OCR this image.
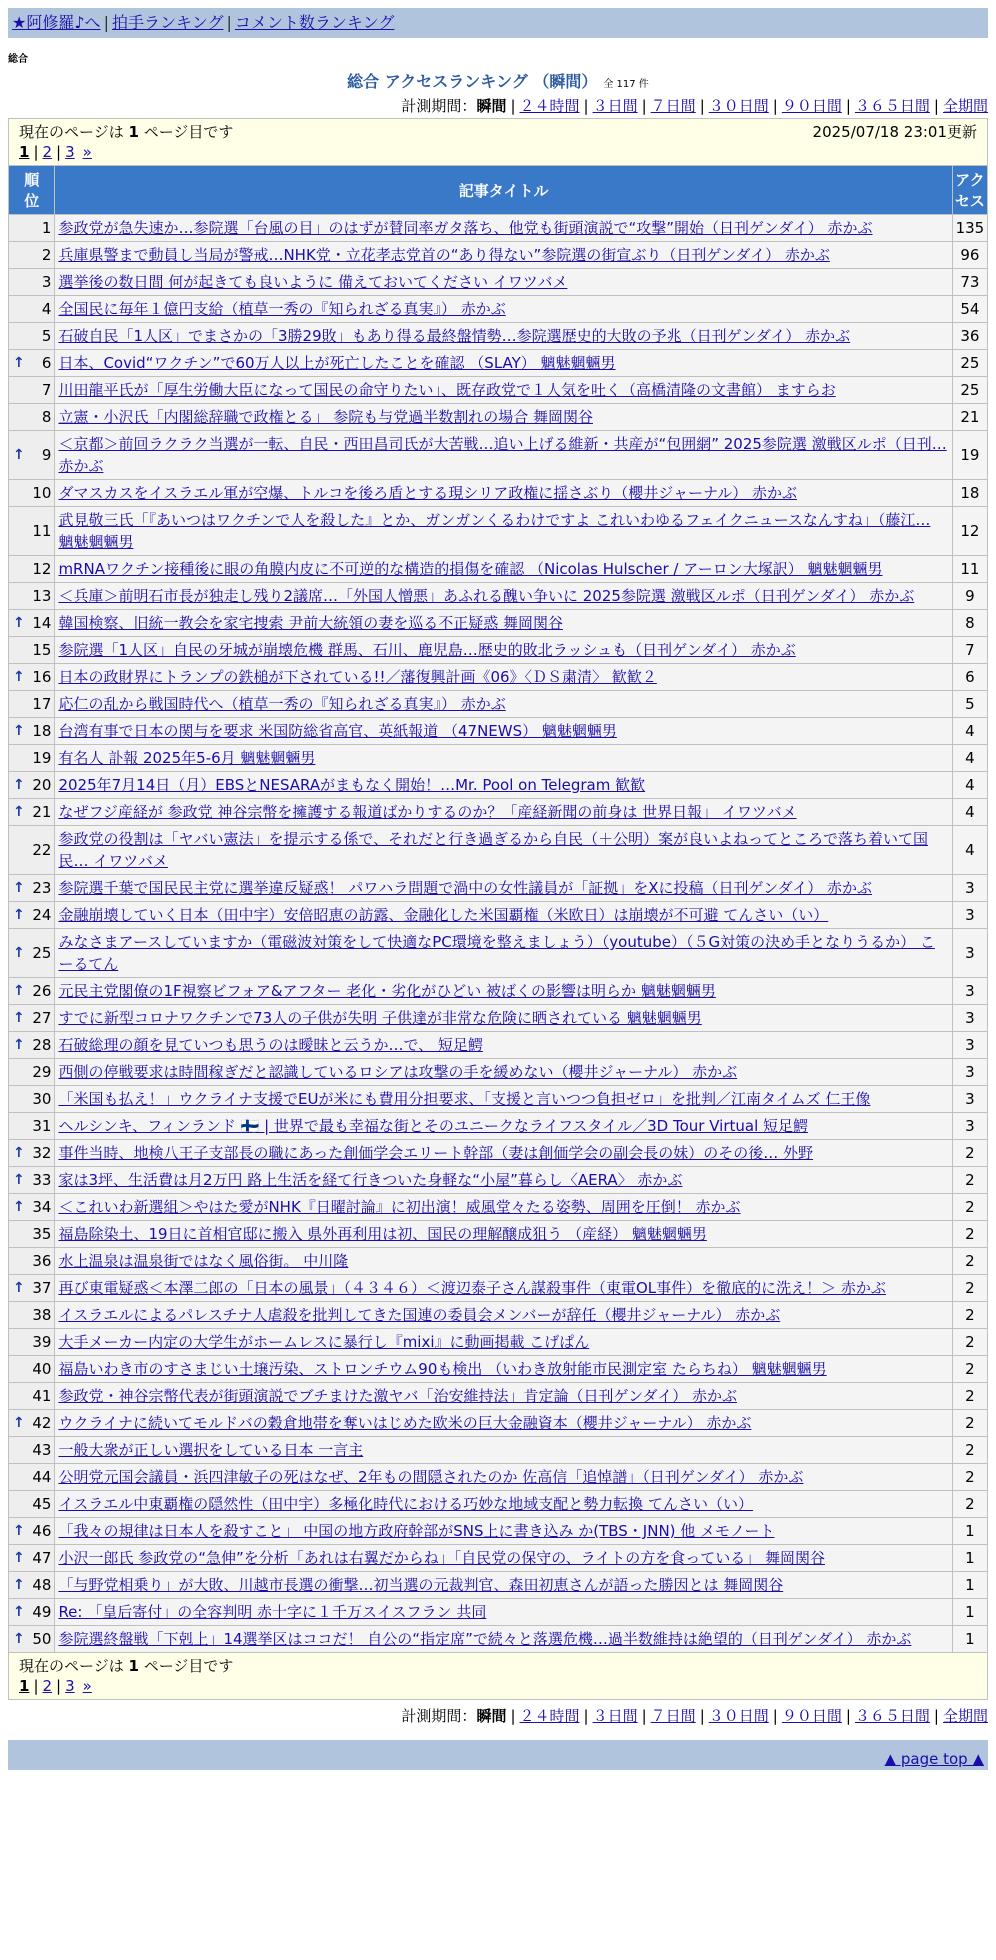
★阿修羅♪へ | 拍手ランキング | コメント数ランキング
総合
総合 アクセスランキング （瞬間） 全 117 件
計測期間：瞬間 | ２４時間 | ３日間 | ７日間 | ３０日間 | ９０日間 | ３６５日間 | 全期間
2025/07/18 23:01更新
現在のページは 1 ページ目です
1 | 2 | 3 »		

順位	記事タイトル	アクセス
1	参政党が急失速か…参院選「台風の目」のはずが賛同率ガタ落ち、他党も街頭演説で“攻撃”開始（日刊ゲンダイ） 赤かぶ	135
2	兵庫県警まで動員し当局が警戒…NHK党・立花孝志党首の“あり得ない”参院選の街宣ぶり（日刊ゲンダイ） 赤かぶ	96
3	選挙後の数日間 何が起きても良いように 備えておいてください イワツバメ	73
4	全国民に毎年１億円支給（植草一秀の『知られざる真実』） 赤かぶ	54
5	石破自民「1人区」でまさかの「3勝29敗」もあり得る最終盤情勢…参院選歴史的大敗の予兆（日刊ゲンダイ） 赤かぶ	36

↑ 6	日本、Covid“ワクチン”で60万人以上が死亡したことを確認 （SLAY） 魑魅魍魎男	25
7	川田龍平氏が「厚生労働大臣になって国民の命守りたい」、既存政党で１人気を吐く（高橋清隆の文書館） ますらお	25
8	立憲・小沢氏「内閣総辞職で政権とる」 参院も与党過半数割れの場合 舞岡関谷	21

↑ 9	＜京都＞前回ラクラク当選が一転、自民・西田昌司氏が大苦戦…追い上げる維新・共産が“包囲網” 2025参院選 激戦区ルポ（日刊… 赤かぶ	19
10	ダマスカスをイスラエル軍が空爆、トルコを後ろ盾とする現シリア政権に揺さぶり（櫻井ジャーナル） 赤かぶ	18
11	武見敬三氏「『あいつはワクチンで人を殺した』とか、ガンガンくるわけですよ これいわゆるフェイクニュースなんすね」（藤江… 魑魅魍魎男	12
12	mRNAワクチン接種後に眼の角膜内皮に不可逆的な構造的損傷を確認 （Nicolas Hulscher / アーロン大塚訳） 魑魅魍魎男	11
13	＜兵庫＞前明石市長が独走し残り2議席…「外国人憎悪」あふれる醜い争いに 2025参院選 激戦区ルポ（日刊ゲンダイ） 赤かぶ	9

↑ 14	韓国検察、旧統一教会を家宅捜索 尹前大統領の妻を巡る不正疑惑 舞岡関谷	8
15	参院選「1人区」自民の牙城が崩壊危機 群馬、石川、鹿児島…歴史的敗北ラッシュも（日刊ゲンダイ） 赤かぶ	7

↑ 16	日本の政財界にトランプの鉄槌が下されている!!／藩復興計画《06》〈ＤＳ粛清〉 歓歓２	6
17	応仁の乱から戦国時代へ（植草一秀の『知られざる真実』） 赤かぶ	5

↑ 18	台湾有事で日本の関与を要求 米国防総省高官、英紙報道 （47NEWS） 魑魅魍魎男	4
19	有名人 訃報 2025年5-6月 魑魅魍魎男	4

↑ 20	2025年7月14日（月）EBSとNESARAがまもなく開始！…Mr. Pool on Telegram 歓歓	4

↑ 21	なぜフジ産経が 参政党 神谷宗幣を擁護する報道ばかりするのか？「産経新聞の前身は 世界日報」 イワツバメ	4
22	参政党の役割は「ヤバい憲法」を提示する係で、それだと行き過ぎるから自民（＋公明）案が良いよねってところで落ち着いて国民… イワツバメ	4

↑ 23	参院選千葉で国民民主党に選挙違反疑惑！ パワハラ問題で渦中の女性議員が「証拠」をXに投稿（日刊ゲンダイ） 赤かぶ	3

↑ 24	金融崩壊していく日本（田中宇）安倍昭恵の訪露、金融化した米国覇権（米欧日）は崩壊が不可避 てんさい（い）	3

↑ 25	みなさまアースしていますか（電磁波対策をして快適なPC環境を整えましょう）（youtube）（５G対策の決め手となりうるか） こーるてん	3

↑ 26	元民主党閣僚の1F視察ビフォア&アフター 老化・劣化がひどい 被ばくの影響は明らか 魑魅魍魎男	3

↑ 27	すでに新型コロナワクチンで73人の子供が失明 子供達が非常な危険に晒されている 魑魅魍魎男	3

↑ 28	石破総理の顔を見ていつも思うのは曖昧と云うか…で、 短足鰐	3
29	西側の停戦要求は時間稼ぎだと認識しているロシアは攻撃の手を緩めない（櫻井ジャーナル） 赤かぶ	3
30	「米国も払え！」ウクライナ支援でEUが米にも費用分担要求、「支援と言いつつ負担ゼロ」を批判／江南タイムズ 仁王像	3
31	ヘルシンキ、フィンランド 🇫🇮 | 世界で最も幸福な街とそのユニークなライフスタイル／3D Tour Virtual 短足鰐	3

↑ 32	事件当時、地検八王子支部長の職にあった創価学会エリート幹部（妻は創価学会の副会長の妹）のその後… 外野	2

↑ 33	家は3坪、生活費は月2万円 路上生活を経て行きついた身軽な“小屋”暮らし〈AERA〉 赤かぶ	2

↑ 34	＜これいわ新選組＞やはた愛がNHK『日曜討論』に初出演！威風堂々たる姿勢、周囲を圧倒！ 赤かぶ	2
35	福島除染土、19日に首相官邸に搬入 県外再利用は初、国民の理解醸成狙う （産経） 魑魅魍魎男	2
36	水上温泉は温泉街ではなく風俗街。 中川隆	2

↑ 37	再び東電疑惑＜本澤二郎の「日本の風景」（４３４６）＜渡辺泰子さん謀殺事件（東電OL事件）を徹底的に洗え！＞ 赤かぶ	2
38	イスラエルによるパレスチナ人虐殺を批判してきた国連の委員会メンバーが辞任（櫻井ジャーナル） 赤かぶ	2
39	大手メーカー内定の大学生がホームレスに暴行し『mixi』に動画掲載 こげぱん	2
40	福島いわき市のすさまじい土壌汚染、ストロンチウム90も検出 （いわき放射能市民測定室 たらちね） 魑魅魍魎男	2
41	参政党・神谷宗幣代表が街頭演説でブチまけた激ヤバ「治安維持法」肯定論（日刊ゲンダイ） 赤かぶ	2

↑ 42	ウクライナに続いてモルドバの穀倉地帯を奪いはじめた欧米の巨大金融資本（櫻井ジャーナル） 赤かぶ	2
43	一般大衆が正しい選択をしている日本 一言主	2
44	公明党元国会議員・浜四津敏子の死はなぜ、2年もの間隠されたのか 佐高信「追悼譜」（日刊ゲンダイ） 赤かぶ	2
45	イスラエル中東覇権の隠然性（田中宇）多極化時代における巧妙な地域支配と勢力転換 てんさい（い）	2

↑ 46	「我々の規律は日本人を殺すこと」 中国の地方政府幹部がSNS上に書き込み か(TBS・JNN) 他 メモノート	1

↑ 47	小沢一郎氏 参政党の“急伸”を分析「あれは右翼だからね」「自民党の保守の、ライトの方を食っている」 舞岡関谷	1

↑ 48	「与野党相乗り」が大敗、川越市長選の衝撃…初当選の元裁判官、森田初恵さんが語った勝因とは 舞岡関谷	1

↑ 49	Re: 「皇后寄付」の全容判明 赤十字に１千万スイスフラン 共同	1

↑ 50	参院選終盤戦「下剋上」14選挙区はココだ！ 自公の“指定席”で続々と落選危機…過半数維持は絶望的（日刊ゲンダイ） 赤かぶ	1

現在のページは 1 ページ目です
1 | 2 | 3 »		
計測期間：瞬間 | ２４時間 | ３日間 | ７日間 | ３０日間 | ９０日間 | ３６５日間 | 全期間
▲ page top ▲
